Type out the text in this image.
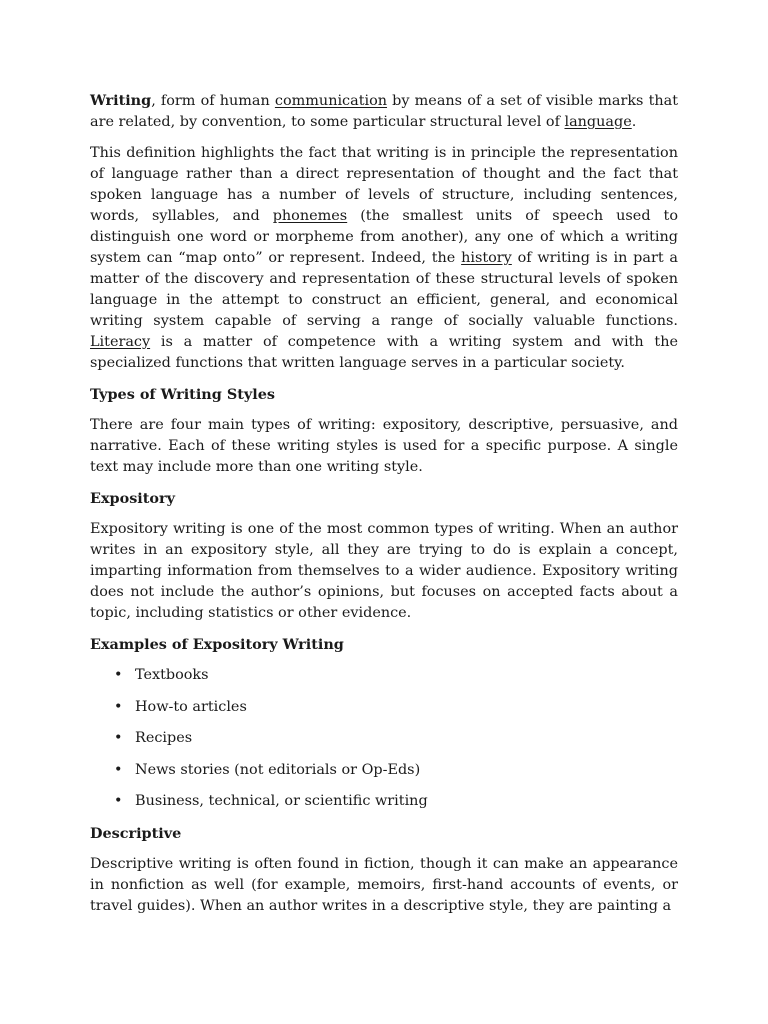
Writing, form of human communication by means of a set of visible marks that are related, by convention, to some particular structural level of language.

This definition highlights the fact that writing is in principle the representation of language rather than a direct representation of thought and the fact that spoken language has a number of levels of structure, including sentences, words, syllables, and phonemes (the smallest units of speech used to distinguish one word or morpheme from another), any one of which a writing system can “map onto” or represent. Indeed, the history of writing is in part a matter of the discovery and representation of these structural levels of spoken language in the attempt to construct an efficient, general, and economical writing system capable of serving a range of socially valuable functions. Literacy is a matter of competence with a writing system and with the specialized functions that written language serves in a particular society.

Types of Writing Styles

There are four main types of writing: expository, descriptive, persuasive, and narrative. Each of these writing styles is used for a specific purpose. A single text may include more than one writing style.

Expository

Expository writing is one of the most common types of writing. When an author writes in an expository style, all they are trying to do is explain a concept, imparting information from themselves to a wider audience. Expository writing does not include the author’s opinions, but focuses on accepted facts about a topic, including statistics or other evidence.

Examples of Expository Writing

• Textbooks
• How-to articles
• Recipes
• News stories (not editorials or Op-Eds)
• Business, technical, or scientific writing

Descriptive

Descriptive writing is often found in fiction, though it can make an appearance in nonfiction as well (for example, memoirs, first-hand accounts of events, or travel guides). When an author writes in a descriptive style, they are painting a
